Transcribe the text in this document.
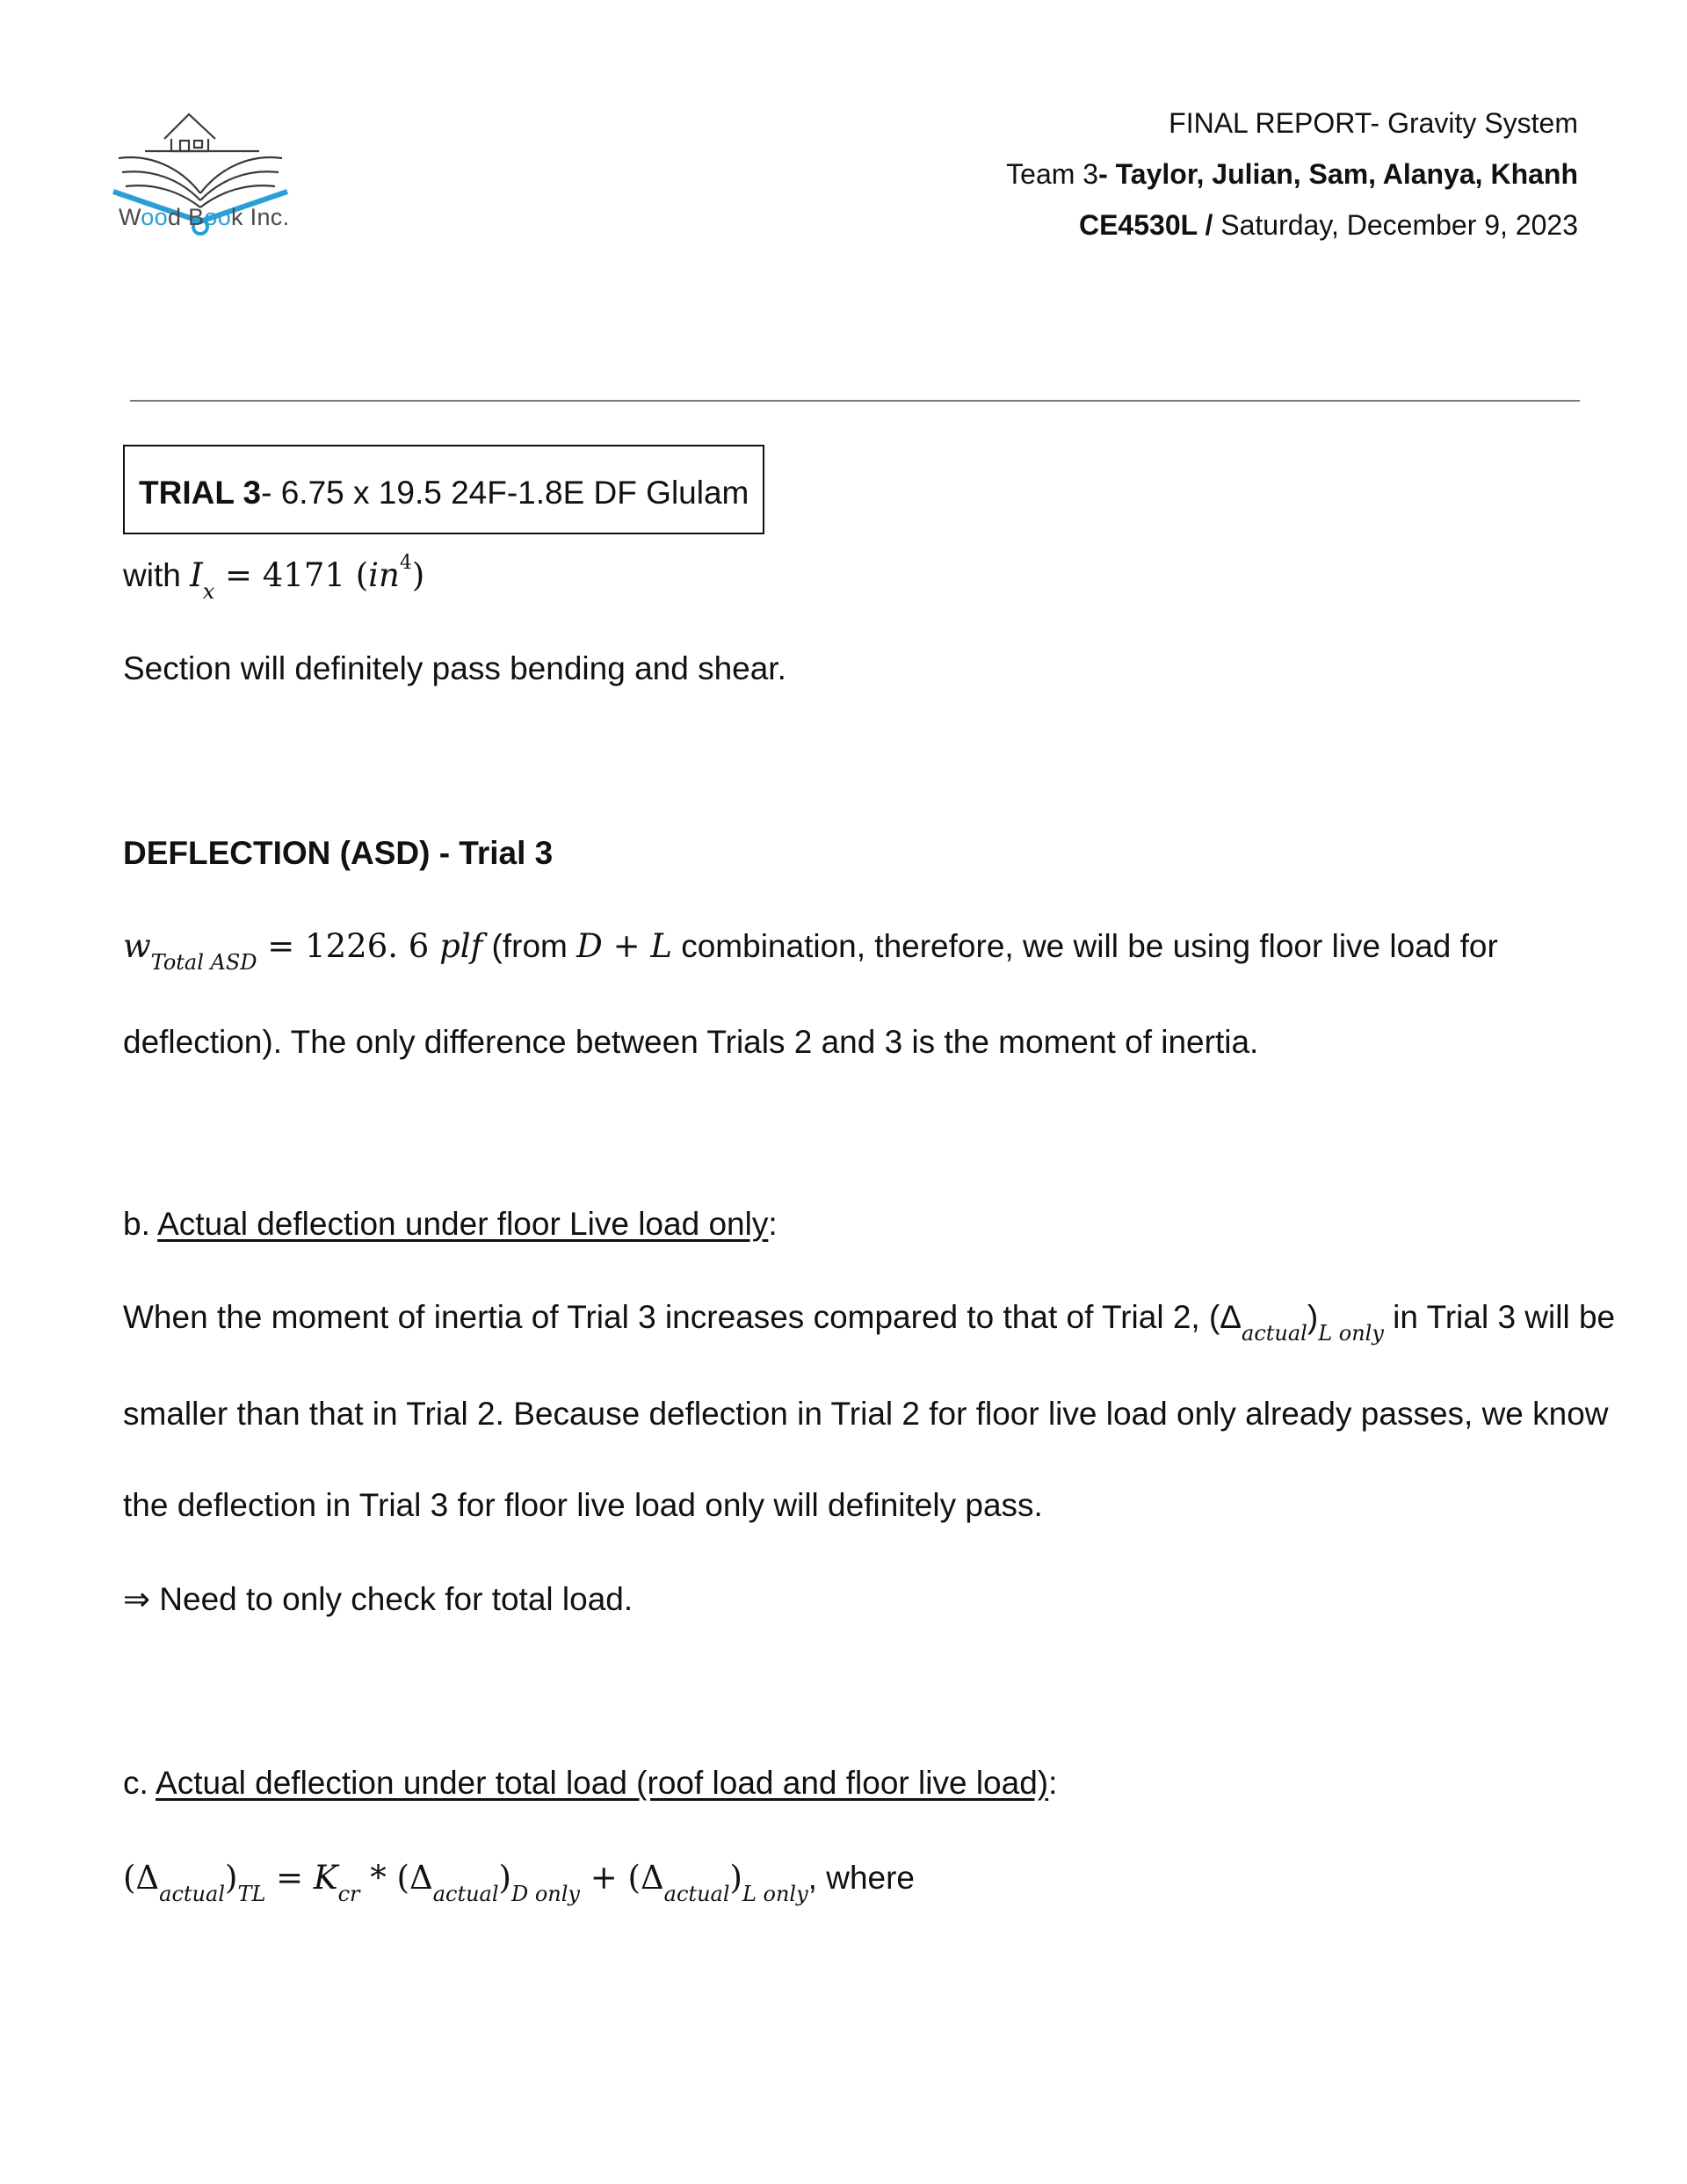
Wood Book Inc.
FINAL REPORT- Gravity System
Team 3- Taylor, Julian, Sam, Alanya, Khanh
CE4530L / Saturday, December 9, 2023
TRIAL 3- 6.75 x 19.5 24F-1.8E DF Glulam
with $I_x = 4171$ $(in^4)$
Section will definitely pass bending and shear.
DEFLECTION (ASD) - Trial 3
$w_{Total ASD} = 1226$. 6 plf (from D + L combination, therefore, we will be using floor live load for
deflection). The only difference between Trials 2 and 3 is the moment of inertia.
b. Actual deflection under floor Live load only:
When the moment of inertia of Trial 3 increases compared to that of Trial 2, $(\Delta_{actual})_{L only}$ in Trial 3 will be
smaller than that in Trial 2. Because deflection in Trial 2 for floor live load only already passes, we know
the deflection in Trial 3 for floor live load only will definitely pass.
⇒ Need to only check for total load.
c. Actual deflection under total load (roof load and floor live load):
$(\Delta_{actual})_{TL} = K_{cr} * (\Delta_{actual})_{D only} + (\Delta_{actual})_{L only}$, where
